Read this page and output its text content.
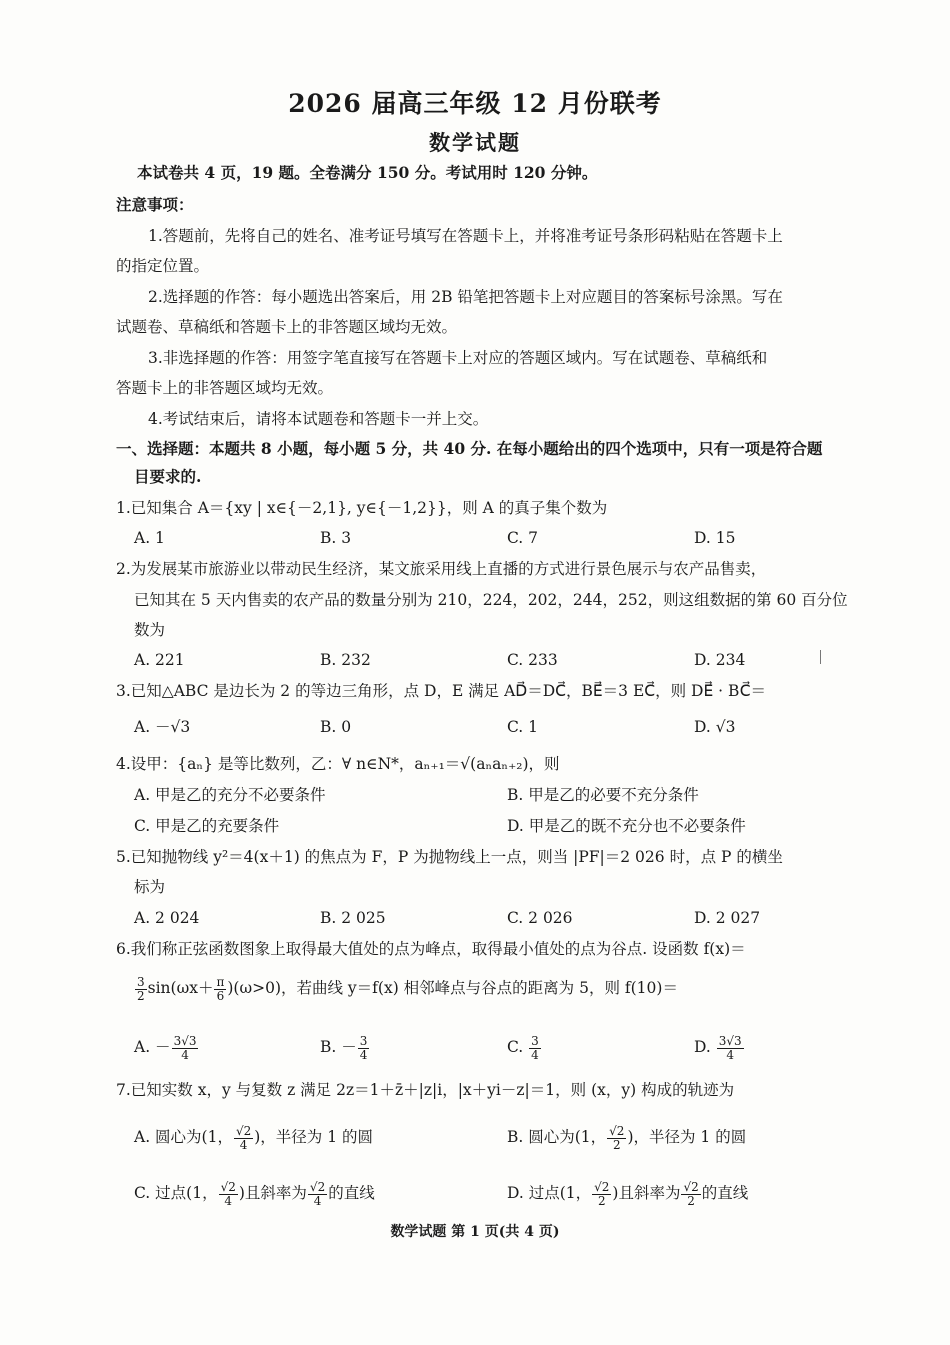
2026 届高三年级 12 月份联考
数学试题
本试卷共 4 页，19 题。全卷满分 150 分。考试用时 120 分钟。
注意事项：
1.答题前，先将自己的姓名、准考证号填写在答题卡上，并将准考证号条形码粘贴在答题卡上
的指定位置。
2.选择题的作答：每小题选出答案后，用 2B 铅笔把答题卡上对应题目的答案标号涂黑。写在
试题卷、草稿纸和答题卡上的非答题区域均无效。
3.非选择题的作答：用签字笔直接写在答题卡上对应的答题区域内。写在试题卷、草稿纸和
答题卡上的非答题区域均无效。
4.考试结束后，请将本试题卷和答题卡一并上交。
一、选择题：本题共 8 小题，每小题 5 分，共 40 分. 在每小题给出的四个选项中，只有一项是符合题
目要求的.
1.已知集合 A＝{xy | x∈{－2,1}, y∈{－1,2}}，则 A 的真子集个数为
A. 1	B. 3	C. 7	D. 15
2.为发展某市旅游业以带动民生经济，某文旅采用线上直播的方式进行景色展示与农产品售卖，
已知其在 5 天内售卖的农产品的数量分别为 210，224，202，244，252，则这组数据的第 60 百分位
数为
A. 221	B. 232	C. 233	D. 234
3.已知△ABC 是边长为 2 的等边三角形，点 D，E 满足 AD⃗＝DC⃗，BE⃗＝3 EC⃗，则 DE⃗ · BC⃗＝
A. －√3	B. 0	C. 1	D. √3
4.设甲：{aₙ} 是等比数列，乙：∀ n∈N*，aₙ₊₁＝√(aₙaₙ₊₂)，则
A. 甲是乙的充分不必要条件	B. 甲是乙的必要不充分条件
C. 甲是乙的充要条件	D. 甲是乙的既不充分也不必要条件
5.已知抛物线 y²＝4(x＋1) 的焦点为 F，P 为抛物线上一点，则当 |PF|＝2 026 时，点 P 的横坐
标为
A. 2 024	B. 2 025	C. 2 026	D. 2 027
6.我们称正弦函数图象上取得最大值处的点为峰点，取得最小值处的点为谷点. 设函数 f(x)＝
$\frac{3}{2} \sin(\omega x+ \frac{\pi}{6} )(\omega>0)$，若曲线 y＝f(x) 相邻峰点与谷点的距离为 5，则 f(10)＝
A. － $\frac{3√3}{4}$	B. － $\frac{3}{4}$	C. $\frac{3}{4}$	D. $\frac{3√3}{4}$
7.已知实数 x，y 与复数 z 满足 2z＝1＋z̄＋|z|i，|x＋yi－z|＝1，则 (x，y) 构成的轨迹为
A. 圆心为(1， $\frac{√2}{4}$ )，半径为 1 的圆	B. 圆心为(1， $\frac{√2}{2}$ )，半径为 1 的圆
C. 过点(1， $\frac{√2}{4}$ )且斜率为 $\frac{√2}{4}$ 的直线	D. 过点(1， $\frac{√2}{2}$ )且斜率为 $\frac{√2}{2}$ 的直线
数学试题 第 1 页(共 4 页)
